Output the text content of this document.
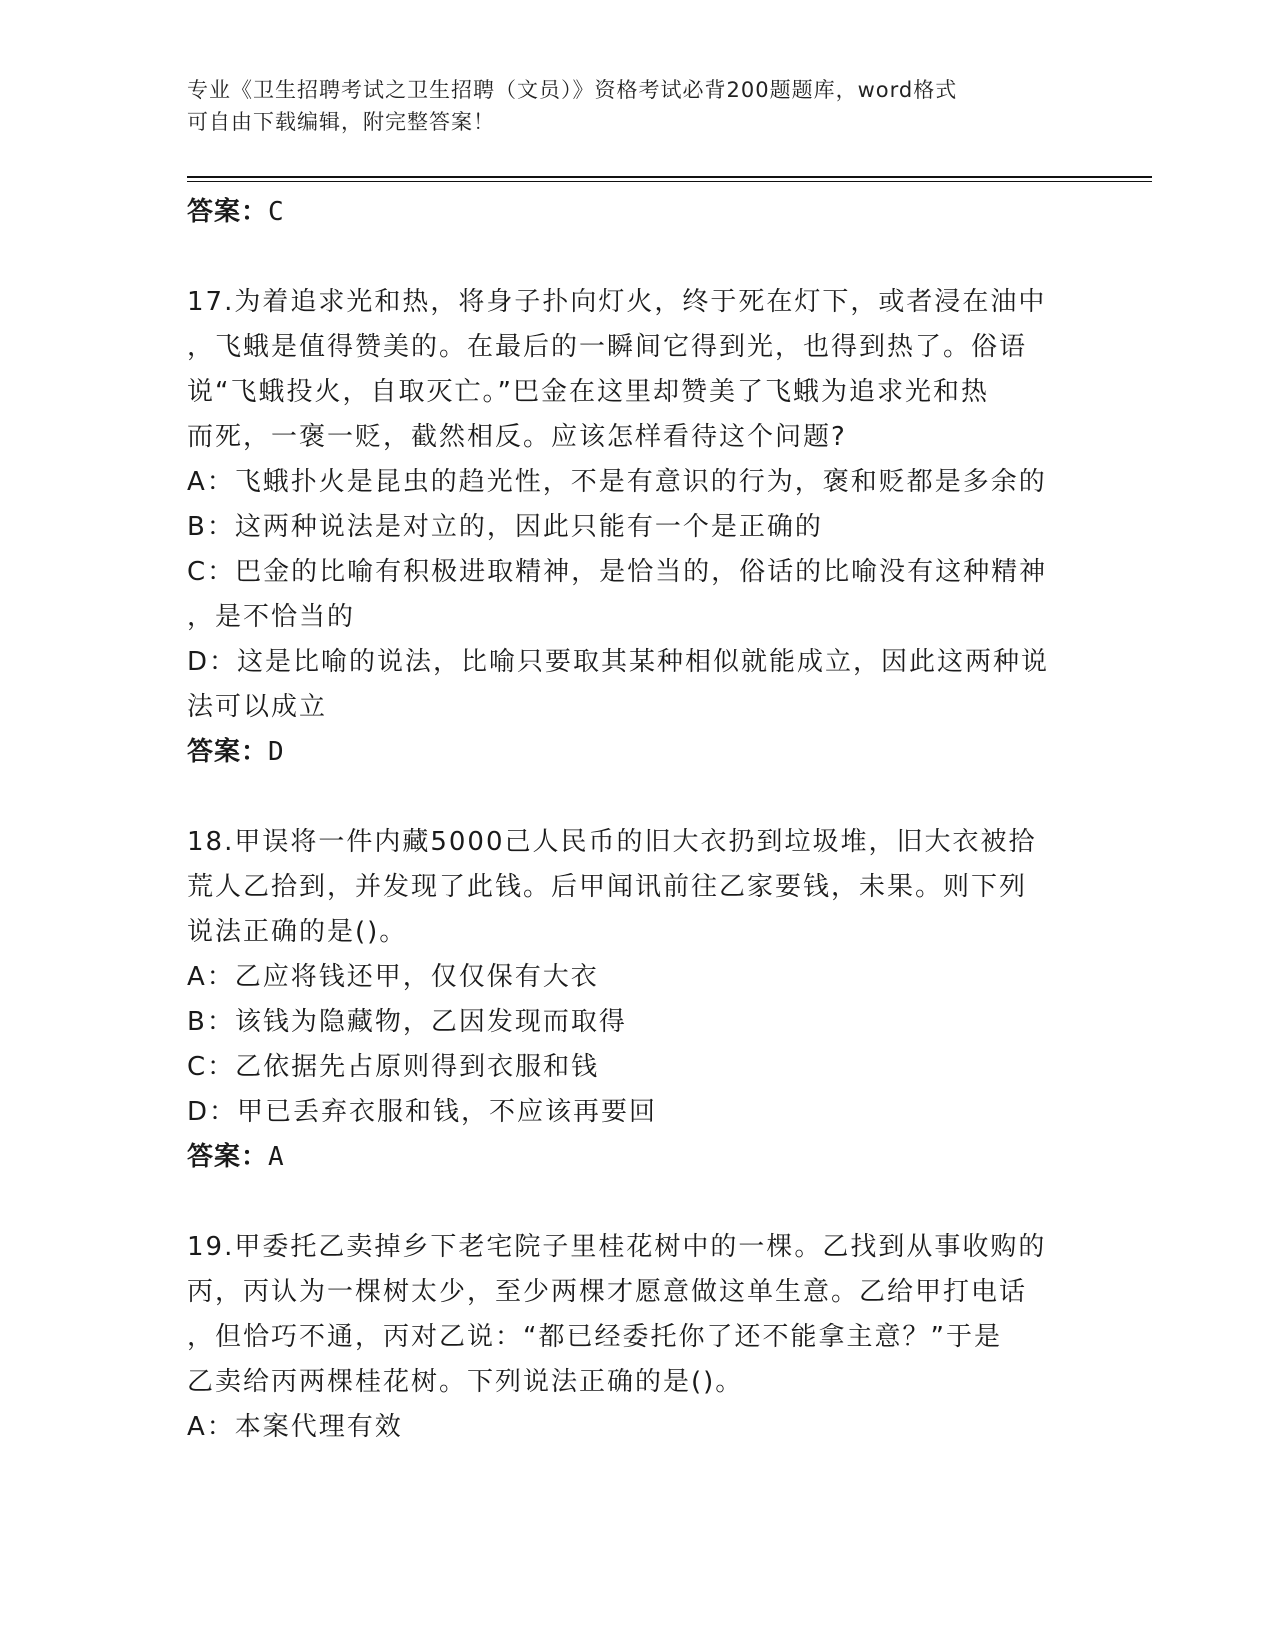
专业《卫生招聘考试之卫生招聘（文员）》资格考试必背200题题库，word格式
可自由下载编辑，附完整答案！
答案：C
17.为着追求光和热，将身子扑向灯火，终于死在灯下，或者浸在油中
，飞蛾是值得赞美的。在最后的一瞬间它得到光，也得到热了。俗语
说“飞蛾投火，自取灭亡。”巴金在这里却赞美了飞蛾为追求光和热
而死，一褒一贬，截然相反。应该怎样看待这个问题?
A：飞蛾扑火是昆虫的趋光性，不是有意识的行为，褒和贬都是多余的
B：这两种说法是对立的，因此只能有一个是正确的
C：巴金的比喻有积极进取精神，是恰当的，俗话的比喻没有这种精神
，是不恰当的
D：这是比喻的说法，比喻只要取其某种相似就能成立，因此这两种说
法可以成立
答案：D
18.甲误将一件内藏5000己人民币的旧大衣扔到垃圾堆，旧大衣被拾
荒人乙拾到，并发现了此钱。后甲闻讯前往乙家要钱，未果。则下列
说法正确的是()。
A：乙应将钱还甲，仅仅保有大衣
B：该钱为隐藏物，乙因发现而取得
C：乙依据先占原则得到衣服和钱
D：甲已丢弃衣服和钱，不应该再要回
答案：A
19.甲委托乙卖掉乡下老宅院子里桂花树中的一棵。乙找到从事收购的
丙，丙认为一棵树太少，至少两棵才愿意做这单生意。乙给甲打电话
，但恰巧不通，丙对乙说：“都已经委托你了还不能拿主意？”于是
乙卖给丙两棵桂花树。下列说法正确的是()。
A：本案代理有效
